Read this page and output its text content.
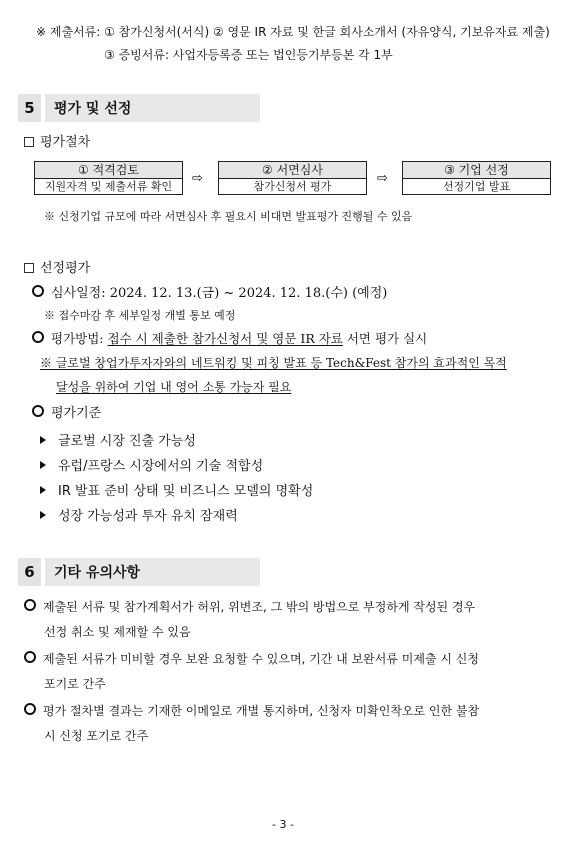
※ 제출서류: ① 참가신청서(서식) ② 영문 IR 자료 및 한글 회사소개서 (자유양식, 기보유자료 제출)
③ 증빙서류: 사업자등록증 또는 법인등기부등본 각 1부
5	평가 및 선정
평가절차
① 적격검토
지원자격 및 제출서류 확인
⇨
② 서면심사
참가신청서 평가
⇨
③ 기업 선정
선정기업 발표
※ 신청기업 규모에 따라 서면심사 후 필요시 비대면 발표평가 진행될 수 있음
선정평가
심사일정: 2024. 12. 13.(금) ~ 2024. 12. 18.(수) (예정)
※ 접수마감 후 세부일정 개별 통보 예정
평가방법: 접수 시 제출한 참가신청서 및 영문 IR 자료 서면 평가 실시
※ 글로벌 창업가투자자와의 네트워킹 및 피칭 발표 등 Tech&Fest 참가의 효과적인 목적
달성을 위하여 기업 내 영어 소통 가능자 필요
평가기준
글로벌 시장 진출 가능성
유럽/프랑스 시장에서의 기술 적합성
IR 발표 준비 상태 및 비즈니스 모델의 명확성
성장 가능성과 투자 유치 잠재력
6	기타 유의사항
제출된 서류 및 참가계획서가 허위, 위변조, 그 밖의 방법으로 부정하게 작성된 경우
선정 취소 및 제재할 수 있음
제출된 서류가 미비할 경우 보완 요청할 수 있으며, 기간 내 보완서류 미제출 시 신청
포기로 간주
평가 절차별 결과는 기재한 이메일로 개별 통지하며, 신청자 미확인착오로 인한 불참
시 신청 포기로 간주
- 3 -
